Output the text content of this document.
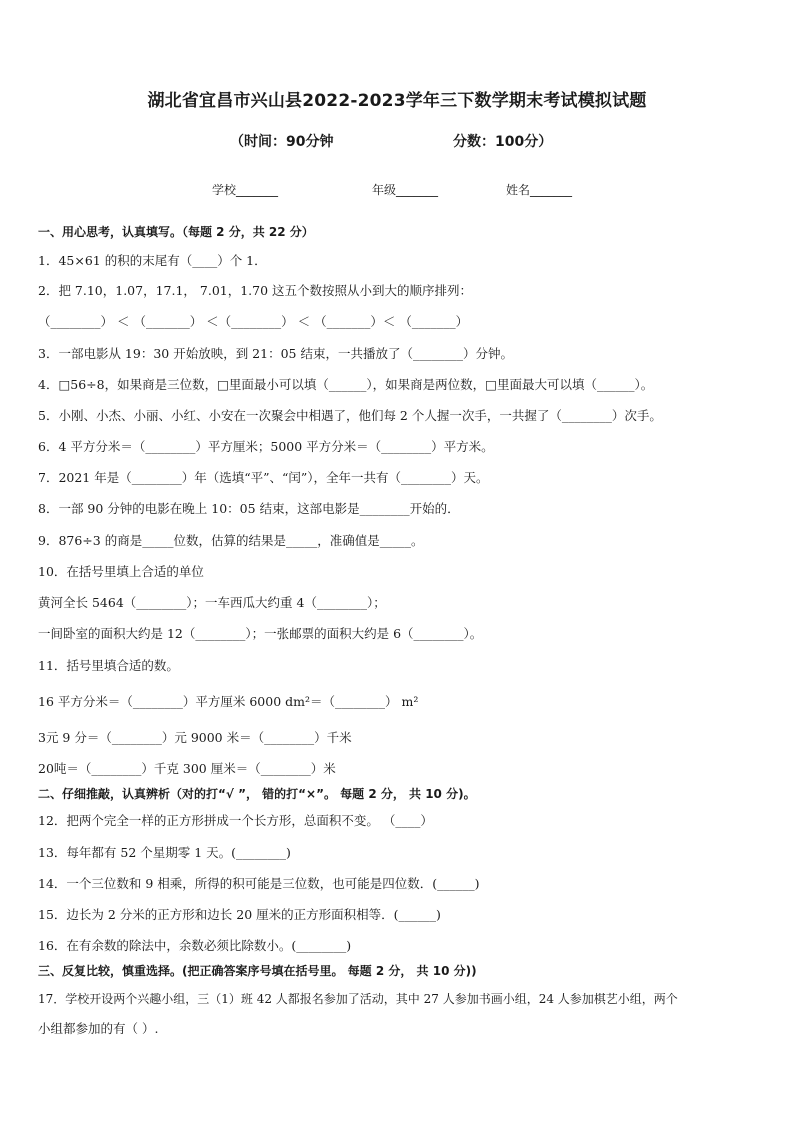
湖北省宜昌市兴山县2022-2023学年三下数学期末考试模拟试题
（时间：90分钟	分数：100分）
学校_______	年级_______	姓名_______
一、用心思考，认真填写。（每题 2 分，共 22 分）
1．45×61 的积的末尾有（____）个 1．
2．把 7.10，1.07，17.1， 7.01，1.70 这五个数按照从小到大的顺序排列：
（________） ＜ （_______） ＜（________） ＜ （_______）＜ （_______）
3．一部电影从 19：30 开始放映，到 21：05 结束，一共播放了（________）分钟。
4．□56÷8，如果商是三位数，□里面最小可以填（______），如果商是两位数，□里面最大可以填（______）。
5．小刚、小杰、小丽、小红、小安在一次聚会中相遇了，他们每 2 个人握一次手，一共握了（________）次手。
6．4 平方分米＝（________）平方厘米；5000 平方分米＝（________）平方米。
7．2021 年是（________）年（选填“平”、“闰”），全年一共有（________）天。
8．一部 90 分钟的电影在晚上 10：05 结束，这部电影是________开始的．
9．876÷3 的商是_____位数，估算的结果是_____，准确值是_____。
10．在括号里填上合适的单位
黄河全长 5464（________）；一车西瓜大约重 4（________）；
一间卧室的面积大约是 12（________）；一张邮票的面积大约是 6（________）。
11．括号里填合适的数。
16 平方分米＝（________）平方厘米 6000 dm²＝（________） m²
3元 9 分＝（________）元 9000 米＝（________）千米
20吨＝（________）千克 300 厘米＝（________）米
二、仔细推敲，认真辨析（对的打“√ ”， 错的打“×”。 每题 2 分， 共 10 分)。
12．把两个完全一样的正方形拼成一个长方形，总面积不变。 （____）
13．每年都有 52 个星期零 1 天。(________)
14．一个三位数和 9 相乘，所得的积可能是三位数，也可能是四位数．(______)
15．边长为 2 分米的正方形和边长 20 厘米的正方形面积相等．(______)
16．在有余数的除法中，余数必须比除数小。(________)
三、反复比较，慎重选择。(把正确答案序号填在括号里。 每题 2 分， 共 10 分))
17．学校开设两个兴趣小组，三（1）班 42 人都报名参加了活动，其中 27 人参加书画小组，24 人参加棋艺小组，两个
小组都参加的有（ ）.
